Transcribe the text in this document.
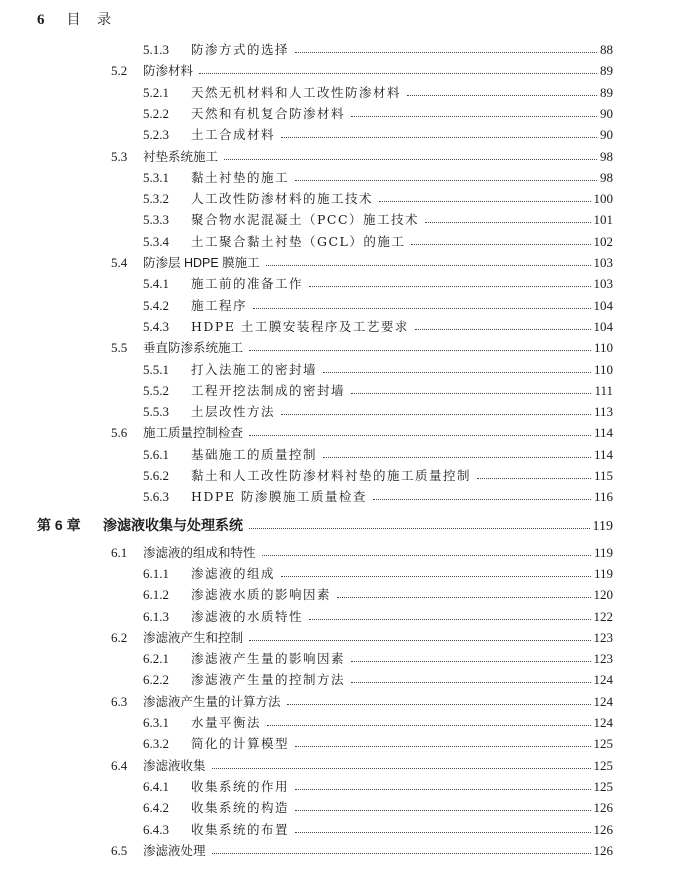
6 目 录
5.1.3	防渗方式的选择	88
5.2	防渗材料	89
5.2.1	天然无机材料和人工改性防渗材料	89
5.2.2	天然和有机复合防渗材料	90
5.2.3	土工合成材料	90
5.3	衬垫系统施工	98
5.3.1	黏土衬垫的施工	98
5.3.2	人工改性防渗材料的施工技术	100
5.3.3	聚合物水泥混凝土（PCC）施工技术	101
5.3.4	土工聚合黏土衬垫（GCL）的施工	102
5.4	防渗层 HDPE 膜施工	103
5.4.1	施工前的准备工作	103
5.4.2	施工程序	104
5.4.3	HDPE 土工膜安装程序及工艺要求	104
5.5	垂直防渗系统施工	110
5.5.1	打入法施工的密封墙	110
5.5.2	工程开挖法制成的密封墙	111
5.5.3	土层改性方法	113
5.6	施工质量控制检查	114
5.6.1	基础施工的质量控制	114
5.6.2	黏土和人工改性防渗材料衬垫的施工质量控制	115
5.6.3	HDPE 防渗膜施工质量检查	116
第 6 章	渗滤液收集与处理系统	119
6.1	渗滤液的组成和特性	119
6.1.1	渗滤液的组成	119
6.1.2	渗滤液水质的影响因素	120
6.1.3	渗滤液的水质特性	122
6.2	渗滤液产生和控制	123
6.2.1	渗滤液产生量的影响因素	123
6.2.2	渗滤液产生量的控制方法	124
6.3	渗滤液产生量的计算方法	124
6.3.1	水量平衡法	124
6.3.2	简化的计算模型	125
6.4	渗滤液收集	125
6.4.1	收集系统的作用	125
6.4.2	收集系统的构造	126
6.4.3	收集系统的布置	126
6.5	渗滤液处理	126
